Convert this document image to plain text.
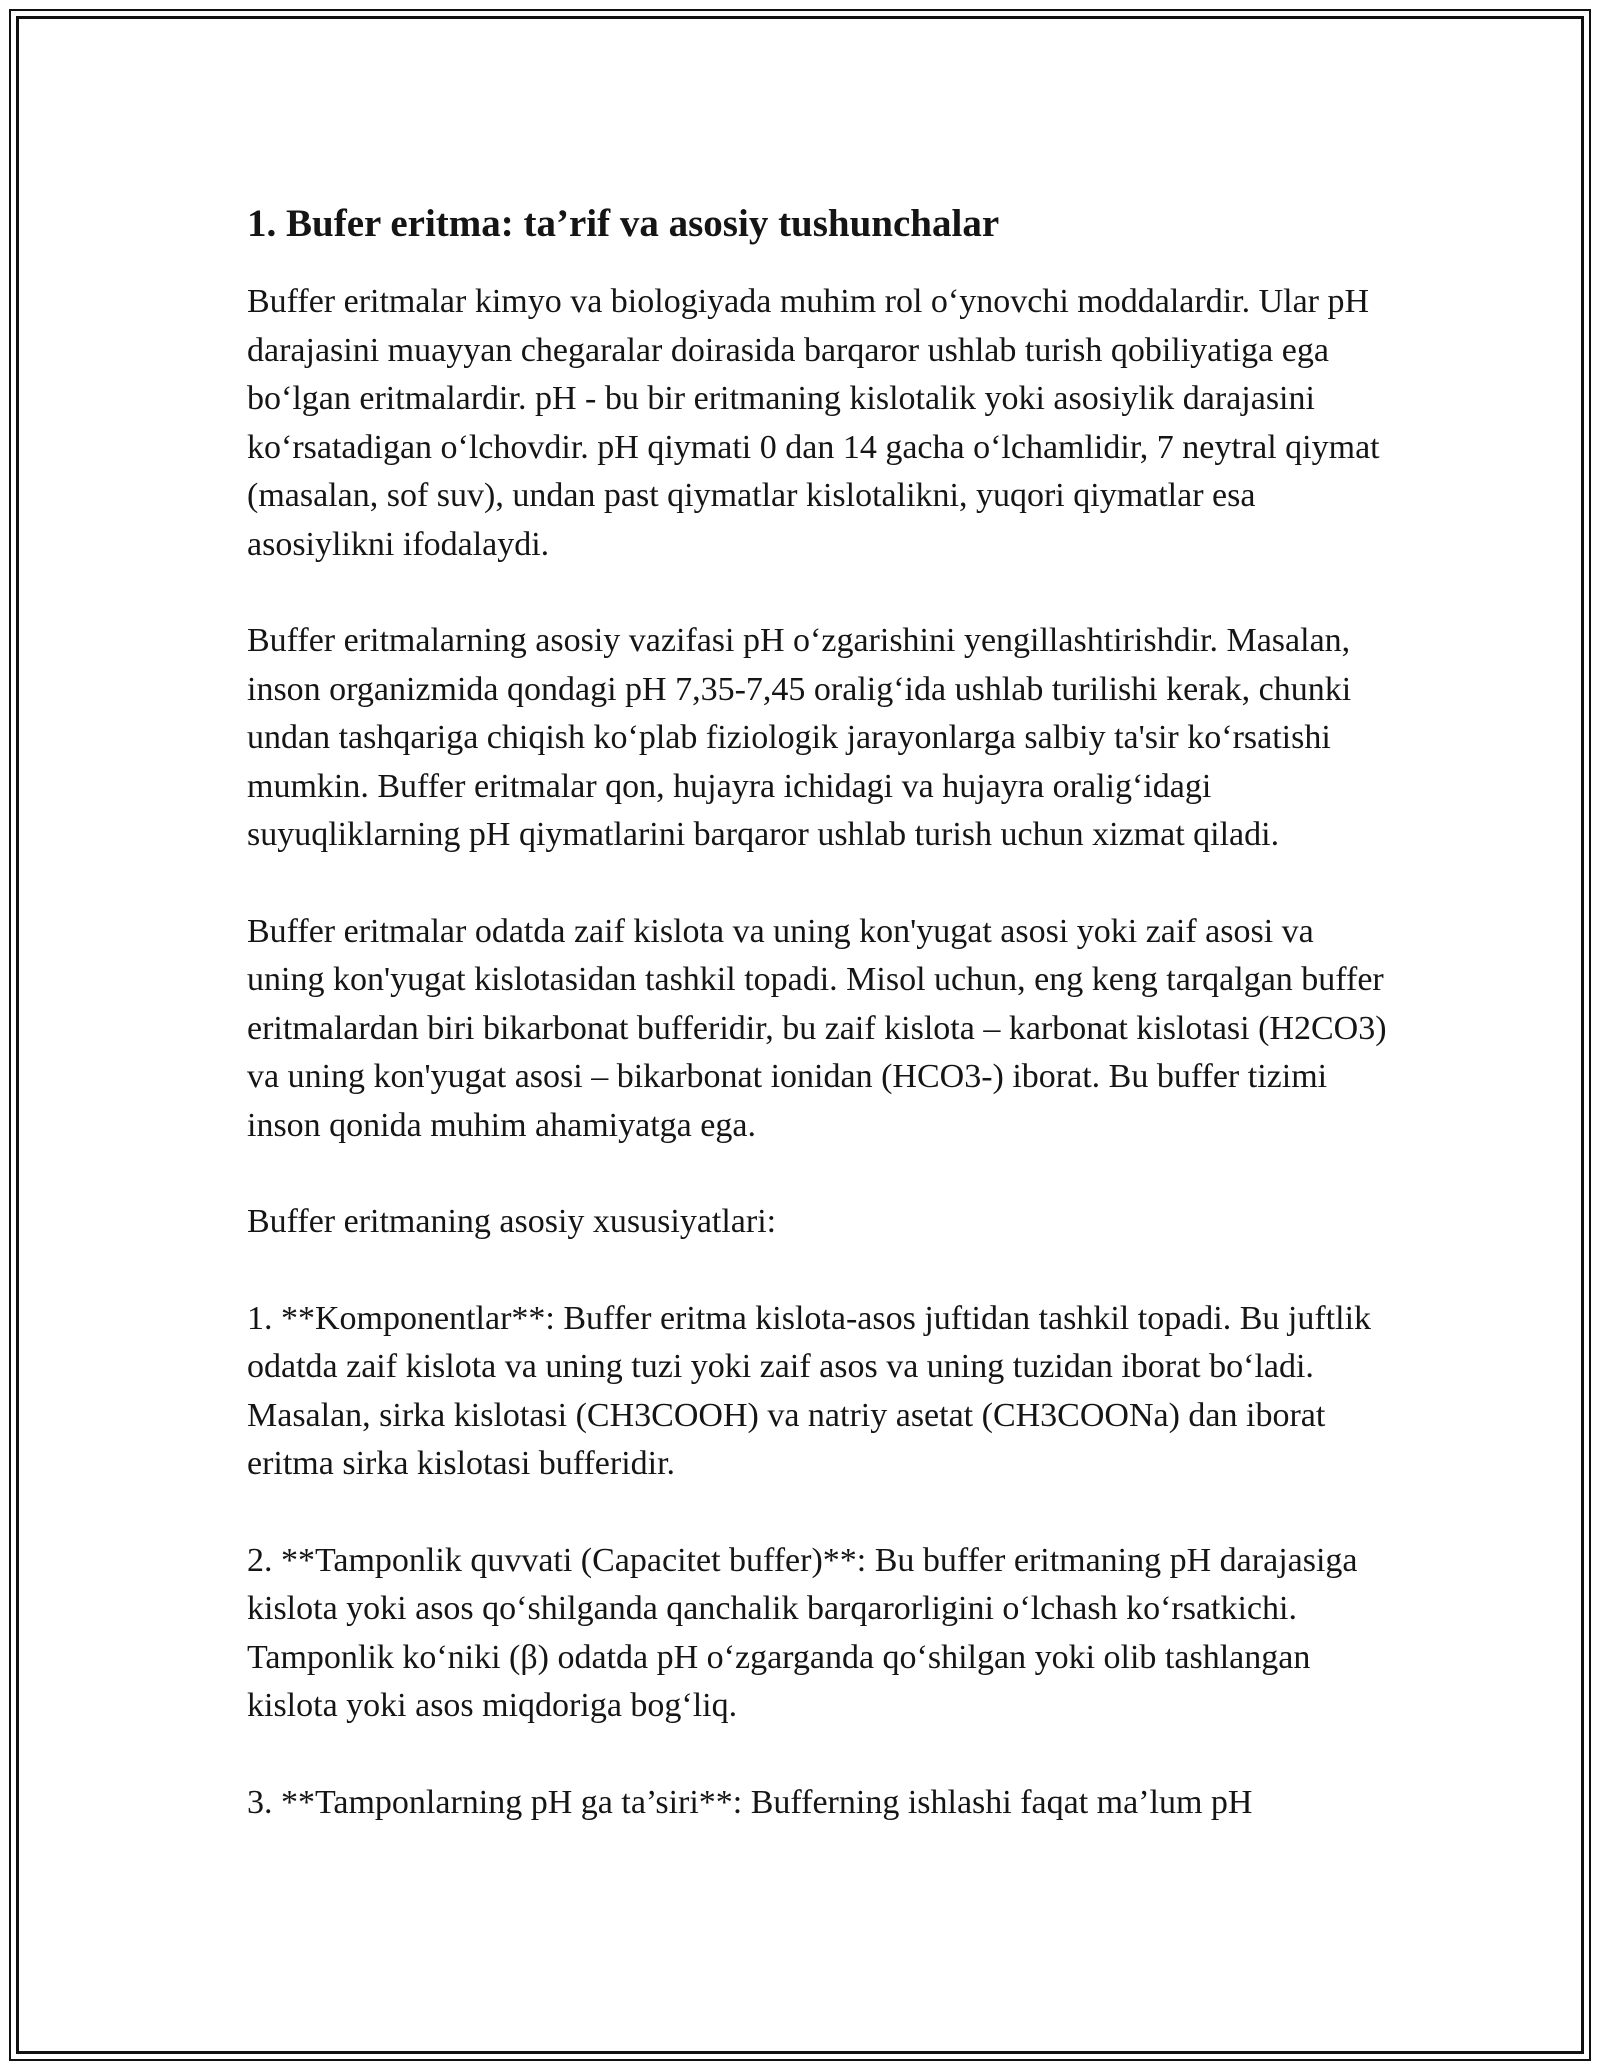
1. Bufer eritma: ta’rif va asosiy tushunchalar

Buffer eritmalar kimyo va biologiyada muhim rol o‘ynovchi moddalardir. Ular pH darajasini muayyan chegaralar doirasida barqaror ushlab turish qobiliyatiga ega bo‘lgan eritmalardir. pH - bu bir eritmaning kislotalik yoki asosiylik darajasini ko‘rsatadigan o‘lchovdir. pH qiymati 0 dan 14 gacha o‘lchamlidir, 7 neytral qiymat (masalan, sof suv), undan past qiymatlar kislotalikni, yuqori qiymatlar esa asosiylikni ifodalaydi.

Buffer eritmalarning asosiy vazifasi pH o‘zgarishini yengillashtirishdir. Masalan, inson organizmida qondagi pH 7,35-7,45 oralig‘ida ushlab turilishi kerak, chunki undan tashqariga chiqish ko‘plab fiziologik jarayonlarga salbiy ta'sir ko‘rsatishi mumkin. Buffer eritmalar qon, hujayra ichidagi va hujayra oralig‘idagi suyuqliklarning pH qiymatlarini barqaror ushlab turish uchun xizmat qiladi.

Buffer eritmalar odatda zaif kislota va uning kon'yugat asosi yoki zaif asosi va uning kon'yugat kislotasidan tashkil topadi. Misol uchun, eng keng tarqalgan buffer eritmalardan biri bikarbonat bufferidir, bu zaif kislota – karbonat kislotasi (H2CO3) va uning kon'yugat asosi – bikarbonat ionidan (HCO3-) iborat. Bu buffer tizimi inson qonida muhim ahamiyatga ega.

Buffer eritmaning asosiy xususiyatlari:

1. **Komponentlar**: Buffer eritma kislota-asos juftidan tashkil topadi. Bu juftlik odatda zaif kislota va uning tuzi yoki zaif asos va uning tuzidan iborat bo‘ladi. Masalan, sirka kislotasi (CH3COOH) va natriy asetat (CH3COONa) dan iborat eritma sirka kislotasi bufferidir.

2. **Tamponlik quvvati (Capacitet buffer)**: Bu buffer eritmaning pH darajasiga kislota yoki asos qo‘shilganda qanchalik barqarorligini o‘lchash ko‘rsatkichi. Tamponlik ko‘niki (β) odatda pH o‘zgarganda qo‘shilgan yoki olib tashlangan kislota yoki asos miqdoriga bog‘liq.

3. **Tamponlarning pH ga ta’siri**: Bufferning ishlashi faqat ma’lum pH
